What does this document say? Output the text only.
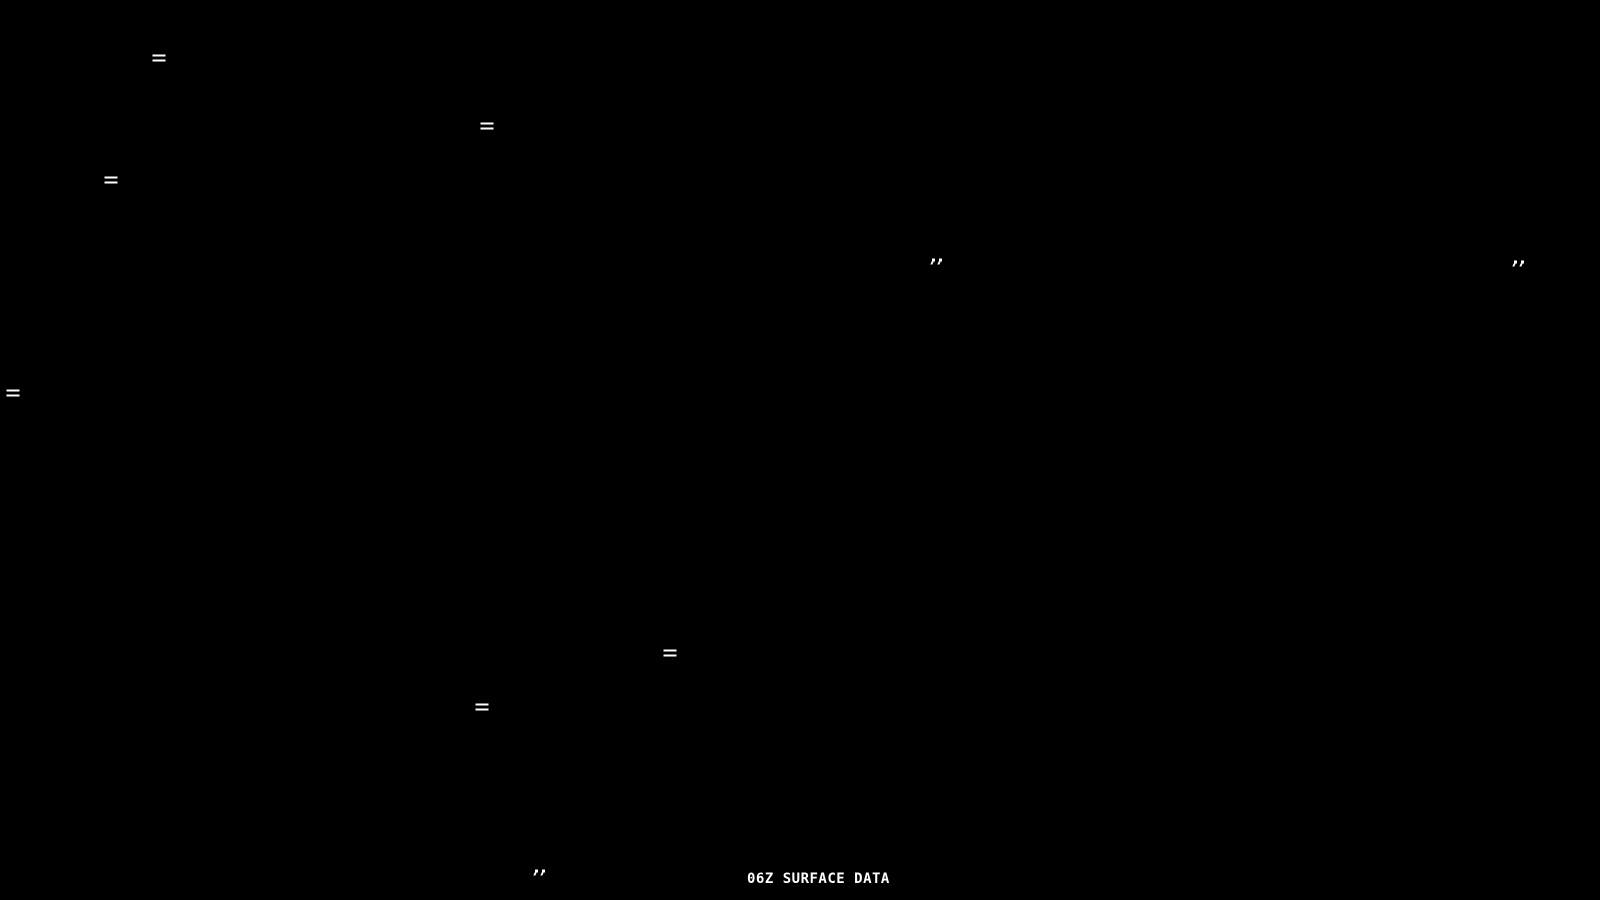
06Z SURFACE DATA
